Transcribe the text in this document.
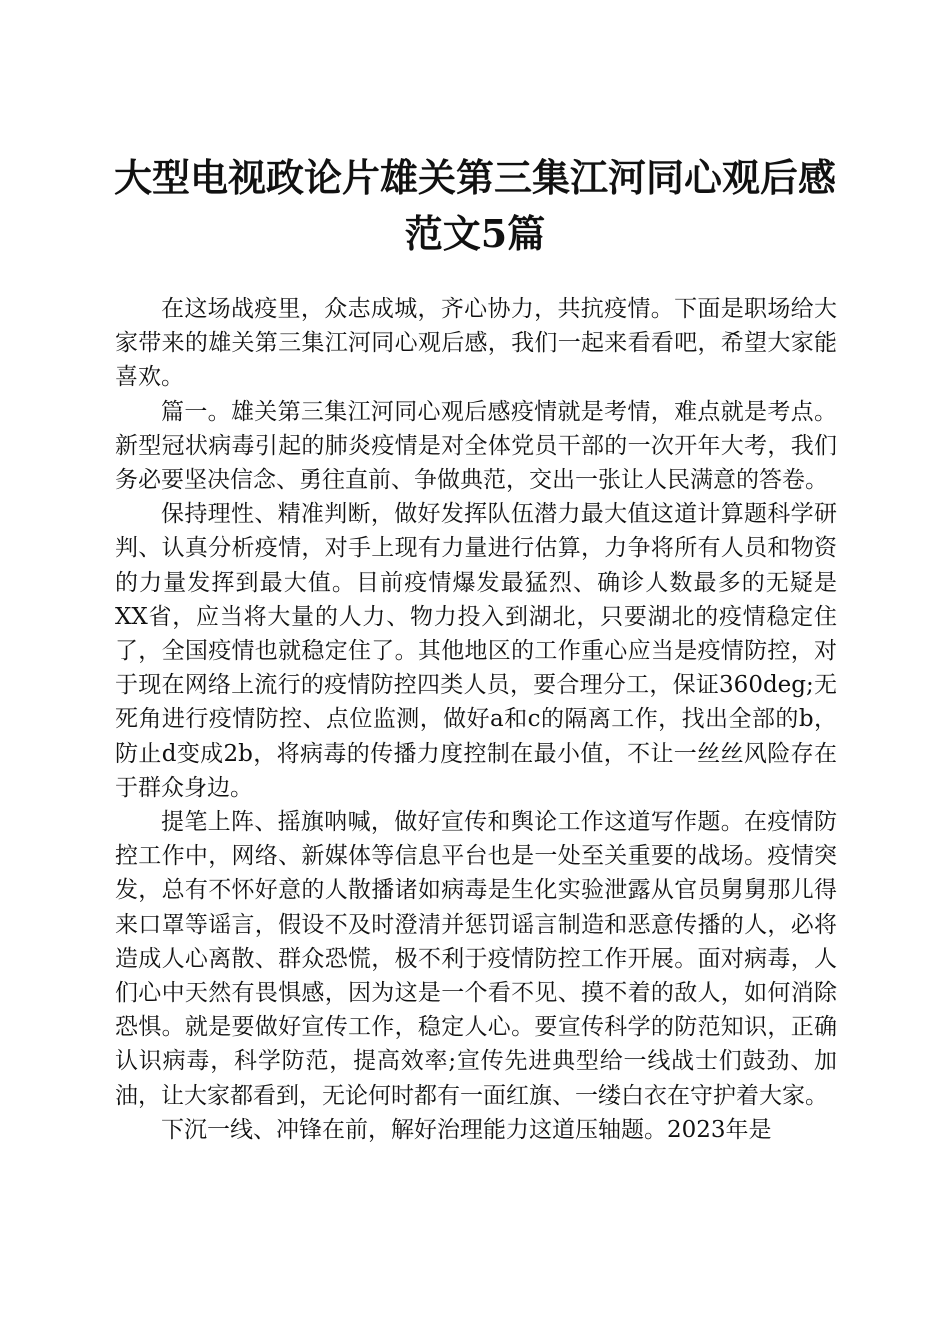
大型电视政论片雄关第三集江河同心观后感范文5篇

在这场战疫里，众志成城，齐心协力，共抗疫情。下面是职场给大家带来的雄关第三集江河同心观后感，我们一起来看看吧，希望大家能喜欢。

篇一。雄关第三集江河同心观后感疫情就是考情，难点就是考点。新型冠状病毒引起的肺炎疫情是对全体党员干部的一次开年大考，我们务必要坚决信念、勇往直前、争做典范，交出一张让人民满意的答卷。

保持理性、精准判断，做好发挥队伍潜力最大值这道计算题科学研判、认真分析疫情，对手上现有力量进行估算，力争将所有人员和物资的力量发挥到最大值。目前疫情爆发最猛烈、确诊人数最多的无疑是XX省，应当将大量的人力、物力投入到湖北，只要湖北的疫情稳定住了，全国疫情也就稳定住了。其他地区的工作重心应当是疫情防控，对于现在网络上流行的疫情防控四类人员，要合理分工，保证360deg;无死角进行疫情防控、点位监测，做好a和c的隔离工作，找出全部的b，防止d变成2b，将病毒的传播力度控制在最小值，不让一丝丝风险存在于群众身边。

提笔上阵、摇旗呐喊，做好宣传和舆论工作这道写作题。在疫情防控工作中，网络、新媒体等信息平台也是一处至关重要的战场。疫情突发，总有不怀好意的人散播诸如病毒是生化实验泄露从官员舅舅那儿得来口罩等谣言，假设不及时澄清并惩罚谣言制造和恶意传播的人，必将造成人心离散、群众恐慌，极不利于疫情防控工作开展。面对病毒，人们心中天然有畏惧感，因为这是一个看不见、摸不着的敌人，如何消除恐惧。就是要做好宣传工作，稳定人心。要宣传科学的防范知识，正确认识病毒，科学防范，提高效率;宣传先进典型给一线战士们鼓劲、加油，让大家都看到，无论何时都有一面红旗、一缕白衣在守护着大家。

下沉一线、冲锋在前，解好治理能力这道压轴题。2023年是
